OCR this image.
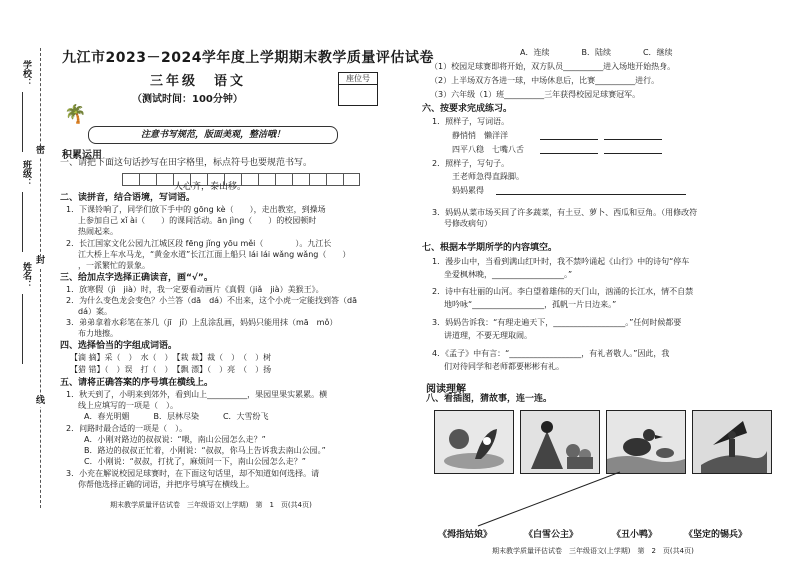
学校：
密
班级：
封
姓名：
线
九江市2023－2024学年度上学期期末教学质量评估试卷
三年级　语文	座位号
（测试时间：100分钟）
🌴
注意书写规范，版面美观，整洁哦！
积累运用
一、请把下面这句话抄写在田字格里，标点符号也要规范书写。
人心齐，泰山移。
二、读拼音，结合语境，写词语。
1．下课铃响了，同学们放下手中的 gōng kè（　　），走出教室，到操场
上参加自己 xǐ ài（　　）的课间活动。ān jìng（　　）的校园顿时
热闹起来。
2．长江国家文化公园九江城区段 fēng jǐng yōu měi（　　　　）。九江长
江大桥上车水马龙，“黄金水道”长江江面上船只 lái lái wǎng wǎng（　　）
，一派繁忙的景象。
三、给加点字选择正确读音，画“√”。
1．放寒假（jì　jià）时，我一定要看动画片《真假（jiǎ　jià）美猴王》。
2．为什么变色龙会变色？小兰答（dā　dá）不出来，这个小虎一定能找到答（dā
dá）案。
3．弟弟拿着水彩笔在茶几（jī　jǐ）上乱涂乱画，妈妈只能用抹（mā　mǒ）
布力地擦。
四、选择恰当的字组成词语。
【滴 摘】采（　）　水（　）　【栽 裁】裁（　）　（　）树
【猎 错】（　）误　打（　）　【飘 漂】（　）亮　（　）扬
五、请将正确答案的序号填在横线上。
1．秋天到了，小明来到郊外，看到山上__________，果园里果实累累。横
线上应填写的一项是（　）。
A．春光明媚　　　B．层林尽染　　　C．大雪纷飞
2．问路时最合适的一项是（　）。
A．小刚对路边的叔叔说：“喂，南山公园怎么走？”
B．路边的叔叔正忙着，小刚说：“叔叔，你马上告诉我去南山公园。”
C．小刚说：“叔叔，打扰了，麻烦问一下，南山公园怎么走？”
3．小充在解说校园足球赛时，在下面这句话里，却不知道如何选择。请
你帮他选择正确的词语，并把序号填写在横线上。
期末教学质量评估试卷　三年级语文(上学期)　第　1　页(共4页)
A．连续　　　　B．陆续　　　　C．继续
（1）校园足球赛即将开始，双方队员__________进入场地开始热身。
（2）上半场双方各进一球，中场休息后，比赛__________进行。
（3）六年级（1）班__________三年获得校园足球赛冠军。
六、按要求完成练习。
1．照样子，写词语。
静悄悄　懒洋洋
四平八稳　七嘴八舌
2．照样子，写句子。
王老师急得直跺脚。
妈妈累得
3．妈妈从菜市场买回了许多蔬菜，有土豆、萝卜、西瓜和豆角。（用修改符
号修改病句）
七、根据本学期所学的内容填空。
1．漫步山中，当看到满山红叶时，我不禁吟诵起《山行》中的诗句“停车
坐爱枫林晚，__________________。”
2．诗中有壮丽的山河。李白望着雄伟的天门山，汹涌的长江水，情不自禁
地吟咏“__________________，孤帆一片日边来。”
3．妈妈告诉我：“有理走遍天下，__________________。”任何时候都要
讲道理，不要无理取闹。
4．《孟子》中有言：“__________________，有礼者敬人。”因此，我
们对待同学和老师都要彬彬有礼。
阅读理解
八、看插图，猜故事，连一连。
《拇指姑娘》	《白雪公主》	《丑小鸭》	《坚定的锡兵》
期末教学质量评估试卷　三年级语文(上学期)　第　2　页(共4页)
